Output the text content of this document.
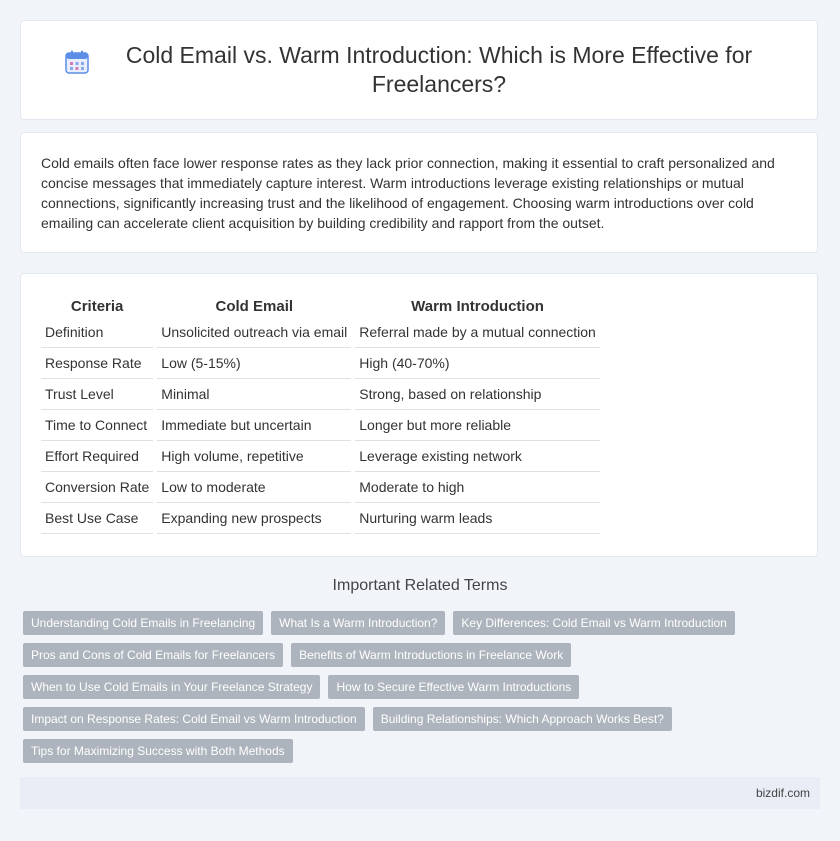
Cold Email vs. Warm Introduction: Which is More Effective for Freelancers?

Cold emails often face lower response rates as they lack prior connection, making it essential to craft personalized and concise messages that immediately capture interest. Warm introductions leverage existing relationships or mutual connections, significantly increasing trust and the likelihood of engagement. Choosing warm introductions over cold emailing can accelerate client acquisition by building credibility and rapport from the outset.

Criteria	Cold Email	Warm Introduction
Definition	Unsolicited outreach via email	Referral made by a mutual connection
Response Rate	Low (5-15%)	High (40-70%)
Trust Level	Minimal	Strong, based on relationship
Time to Connect	Immediate but uncertain	Longer but more reliable
Effort Required	High volume, repetitive	Leverage existing network
Conversion Rate	Low to moderate	Moderate to high
Best Use Case	Expanding new prospects	Nurturing warm leads
Important Related Terms
Understanding Cold Emails in Freelancing	What Is a Warm Introduction?	Key Differences: Cold Email vs Warm Introduction
Pros and Cons of Cold Emails for Freelancers	Benefits of Warm Introductions in Freelance Work
When to Use Cold Emails in Your Freelance Strategy	How to Secure Effective Warm Introductions
Impact on Response Rates: Cold Email vs Warm Introduction	Building Relationships: Which Approach Works Best?
Tips for Maximizing Success with Both Methods
bizdif.com
